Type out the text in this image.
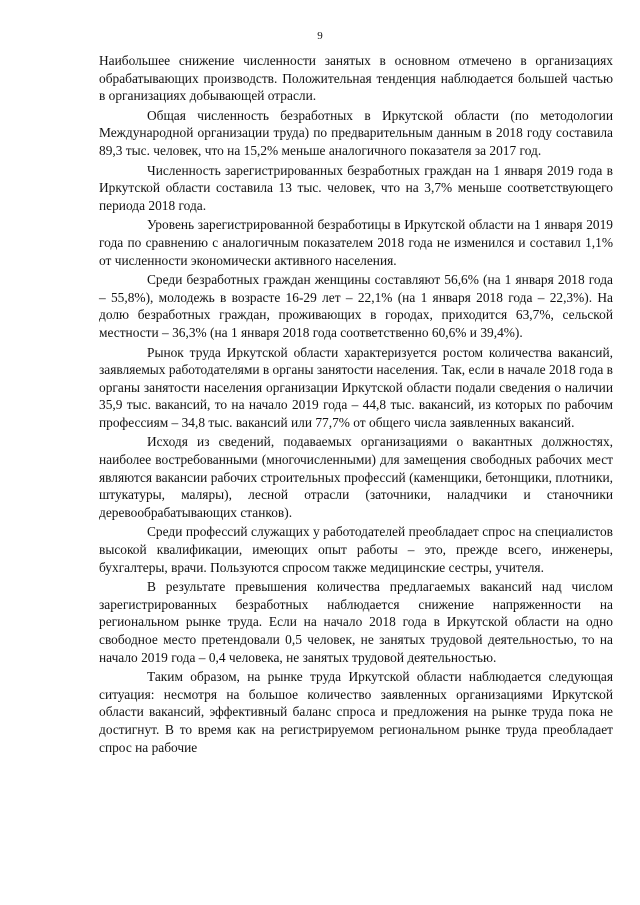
9

Наибольшее снижение численности занятых в основном отмечено в организациях обрабатывающих производств. Положительная тенденция наблюдается большей частью в организациях добывающей отрасли.

Общая численность безработных в Иркутской области (по методологии Международной организации труда) по предварительным данным в 2018 году составила 89,3 тыс. человек, что на 15,2% меньше аналогичного показателя за 2017 год.

Численность зарегистрированных безработных граждан на 1 января 2019 года в Иркутской области составила 13 тыс. человек, что на 3,7% меньше соответствующего периода 2018 года.

Уровень зарегистрированной безработицы в Иркутской области на 1 января 2019 года по сравнению с аналогичным показателем 2018 года не изменился и составил 1,1% от численности экономически активного населения.

Среди безработных граждан женщины составляют 56,6% (на 1 января 2018 года – 55,8%), молодежь в возрасте 16-29 лет – 22,1% (на 1 января 2018 года – 22,3%). На долю безработных граждан, проживающих в городах, приходится 63,7%, сельской местности – 36,3% (на 1 января 2018 года соответственно 60,6% и 39,4%).

Рынок труда Иркутской области характеризуется ростом количества вакансий, заявляемых работодателями в органы занятости населения. Так, если в начале 2018 года в органы занятости населения организации Иркутской области подали сведения о наличии 35,9 тыс. вакансий, то на начало 2019 года – 44,8 тыс. вакансий, из которых по рабочим профессиям – 34,8 тыс. вакансий или 77,7% от общего числа заявленных вакансий.

Исходя из сведений, подаваемых организациями о вакантных должностях, наиболее востребованными (многочисленными) для замещения свободных рабочих мест являются вакансии рабочих строительных профессий (каменщики, бетонщики, плотники, штукатуры, маляры), лесной отрасли (заточники, наладчики и станочники деревообрабатывающих станков).

Среди профессий служащих у работодателей преобладает спрос на специалистов высокой квалификации, имеющих опыт работы – это, прежде всего, инженеры, бухгалтеры, врачи. Пользуются спросом также медицинские сестры, учителя.

В результате превышения количества предлагаемых вакансий над числом зарегистрированных безработных наблюдается снижение напряженности на региональном рынке труда. Если на начало 2018 года в Иркутской области на одно свободное место претендовали 0,5 человек, не занятых трудовой деятельностью, то на начало 2019 года – 0,4 человека, не занятых трудовой деятельностью.

Таким образом, на рынке труда Иркутской области наблюдается следующая ситуация: несмотря на большое количество заявленных организациями Иркутской области вакансий, эффективный баланс спроса и предложения на рынке труда пока не достигнут. В то время как на регистрируемом региональном рынке труда преобладает спрос на рабочие
